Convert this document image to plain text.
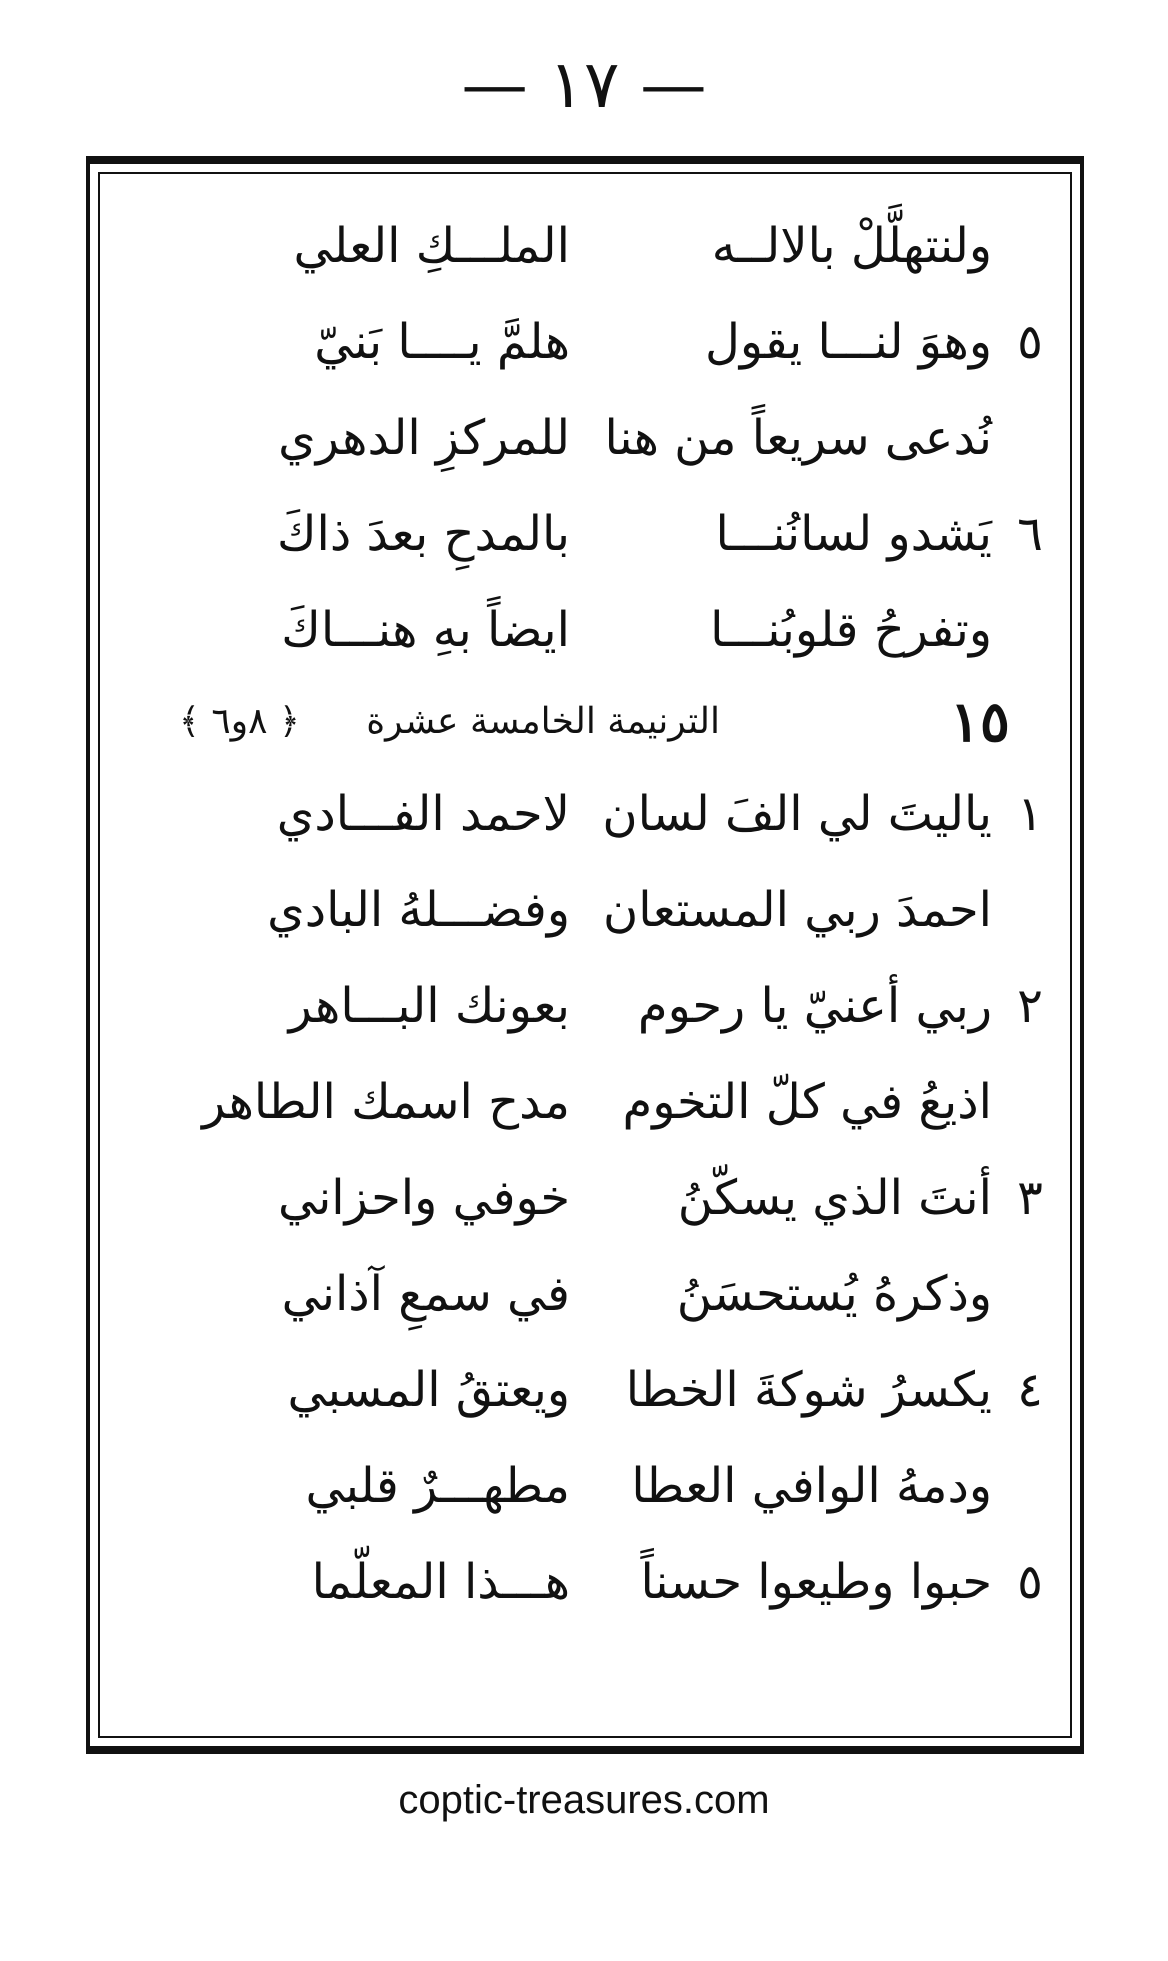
— ١٧ —
ولنتهلَّلْ بالالــه
الملـــكِ العلي
٥
وهوَ لنـــا يقول
هلمَّ يــــا بَنيّ
نُدعى سريعاً من هنا
للمركزِ الدهري
٦
يَشدو لسانُنـــا
بالمدحِ بعدَ ذاكَ
وتفرحُ قلوبُنـــا
ايضاً بهِ هنـــاكَ
١٥
الترنيمة الخامسة عشرة
﴿ ٨و٦ ﴾
١
ياليتَ لي الفَ لسان
لاحمد الفـــادي
احمدَ ربي المستعان
وفضـــلهُ البادي
٢
ربي أعنيّ يا رحوم
بعونك البـــاهر
اذيعُ في كلّ التخوم
مدح اسمك الطاهر
٣
أنتَ الذي يسكّنُ
خوفي واحزاني
وذكرهُ يُستحسَنُ
في سمعِ آذاني
٤
يكسرُ شوكةَ الخطا
ويعتقُ المسبي
ودمهُ الوافي العطا
مطهـــرٌ قلبي
٥
حبوا وطيعوا حسناً
هـــذا المعلّما
coptic-treasures.com
